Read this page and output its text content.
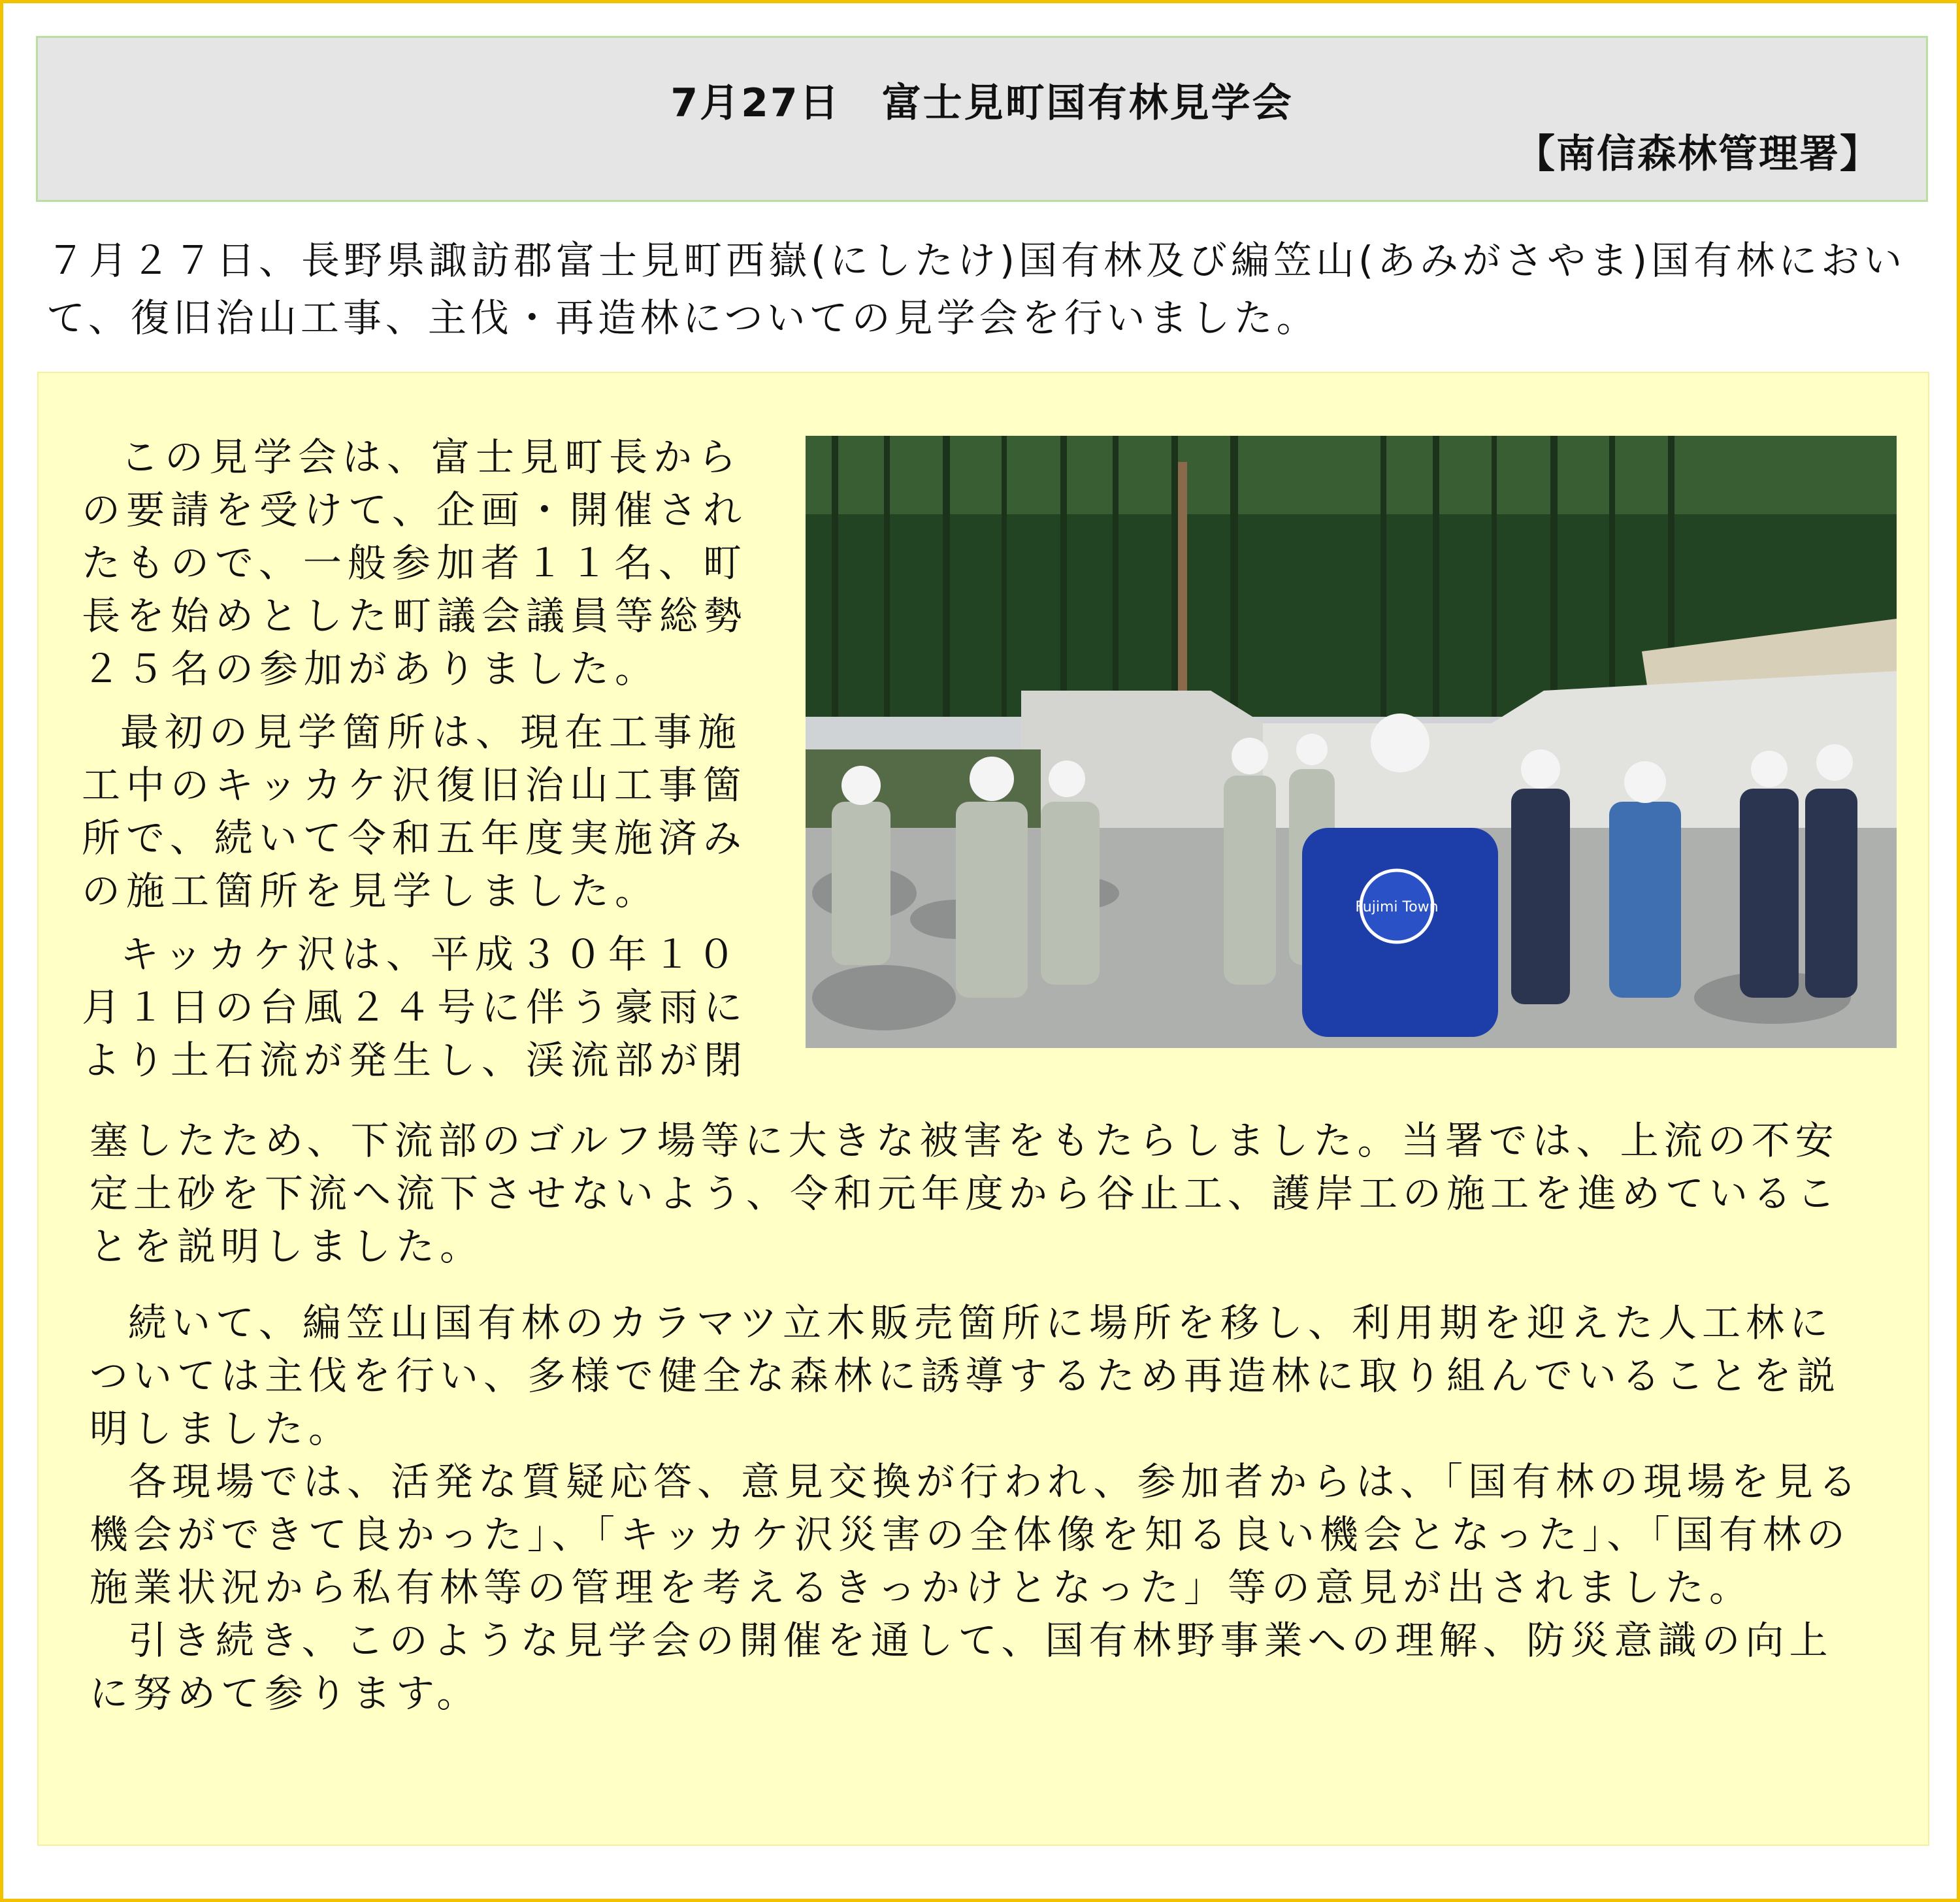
7月27日　富士見町国有林見学会
【南信森林管理署】

７月２７日、長野県諏訪郡富士見町西嶽(にしたけ)国有林及び編笠山(あみがさやま)国有林において、復旧治山工事、主伐・再造林についての見学会を行いました。

この見学会は、富士見町長からの要請を受けて、企画・開催されたもので、一般参加者１１名、町長を始めとした町議会議員等総勢２５名の参加がありました。

最初の見学箇所は、現在工事施工中のキッカケ沢復旧治山工事箇所で、続いて令和五年度実施済みの施工箇所を見学しました。

キッカケ沢は、平成３０年１０月１日の台風２４号に伴う豪雨により土石流が発生し、渓流部が閉

Fujimi Town

塞したため、下流部のゴルフ場等に大きな被害をもたらしました。当署では、上流の不安定土砂を下流へ流下させないよう、令和元年度から谷止工、護岸工の施工を進めていることを説明しました。

続いて、編笠山国有林のカラマツ立木販売箇所に場所を移し、利用期を迎えた人工林については主伐を行い、多様で健全な森林に誘導するため再造林に取り組んでいることを説明しました。

各現場では、活発な質疑応答、意見交換が行われ、参加者からは、「国有林の現場を見る機会ができて良かった」、「キッカケ沢災害の全体像を知る良い機会となった」、「国有林の施業状況から私有林等の管理を考えるきっかけとなった」等の意見が出されました。

引き続き、このような見学会の開催を通して、国有林野事業への理解、防災意識の向上に努めて参ります。
